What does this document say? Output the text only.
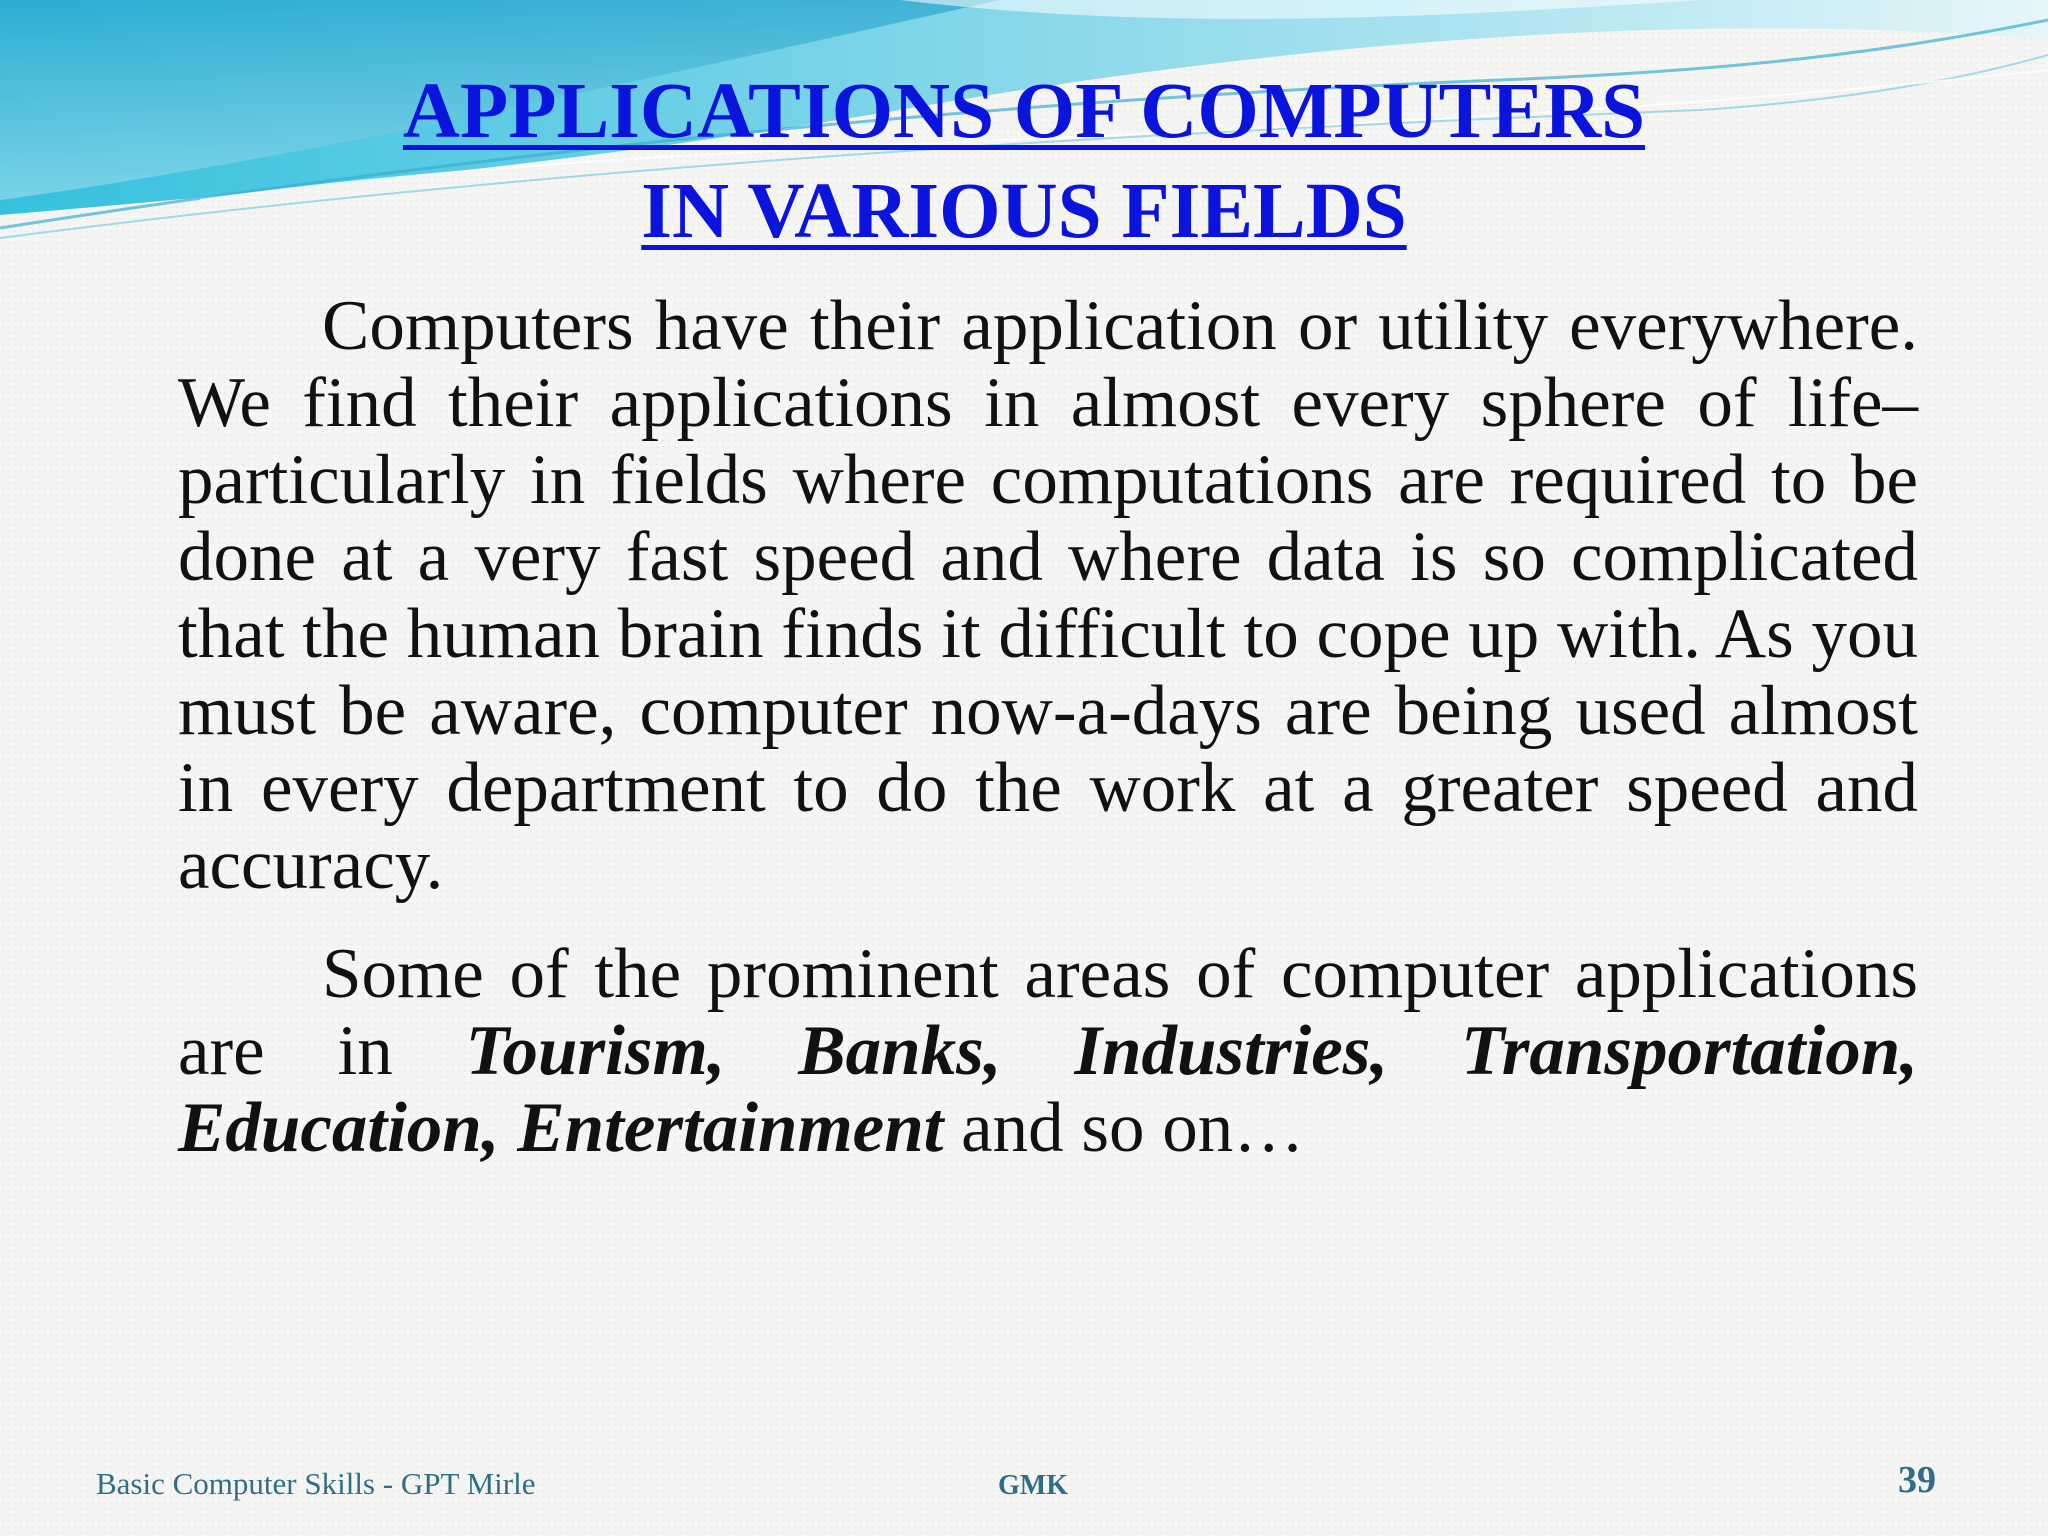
APPLICATIONS OF COMPUTERS
IN VARIOUS FIELDS

Computers have their application or utility everywhere. We find their applications in almost every sphere of life–particularly in fields where computations are required to be done at a very fast speed and where data is so complicated that the human brain finds it difficult to cope up with. As you must be aware, computer now-a-days are being used almost in every department to do the work at a greater speed and accuracy.

Some of the prominent areas of computer applications are in Tourism, Banks, Industries, Transportation, Education, Entertainment and so on…

Basic Computer Skills - GPT Mirle	GMK	39
